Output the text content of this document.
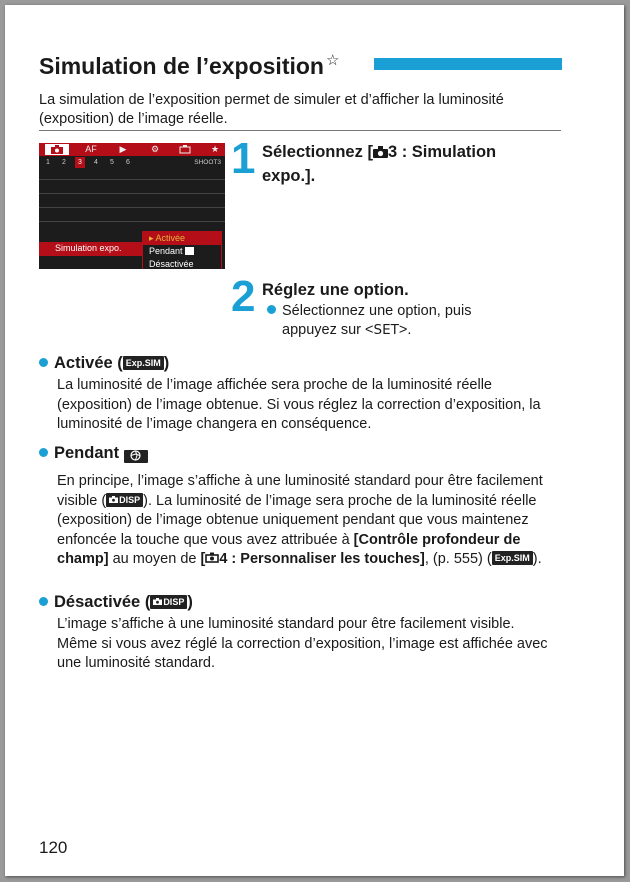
Simulation de l’exposition ☆
La simulation de l’exposition permet de simuler et d’afficher la luminosité (exposition) de l’image réelle.
AF	▶	⚙	★
1	2	3	4	5	6	SHOOT3
Simulation expo.
▸ Activée
Pendant
Désactivée
1 Sélectionnez [ 3 : Simulation
expo.].
2 Réglez une option.
Sélectionnez une option, puis
appuyez sur <SET>.
Activée ( Exp.SIM )
La luminosité de l’image affichée sera proche de la luminosité réelle (exposition) de l’image obtenue. Si vous réglez la correction d’exposition, la luminosité de l’image changera en conséquence.
Pendant
En principe, l’image s’affiche à une luminosité standard pour être facilement visible ( DISP ). La luminosité de l’image sera proche de la luminosité réelle (exposition) de l’image obtenue uniquement pendant que vous maintenez enfoncée la touche que vous avez attribuée à [Contrôle profondeur de champ] au moyen de [ 4 : Personnaliser les touches], (p. 555) ( Exp.SIM ).
Désactivée ( DISP )
L’image s’affiche à une luminosité standard pour être facilement visible. Même si vous avez réglé la correction d’exposition, l’image est affichée avec une luminosité standard.
120
